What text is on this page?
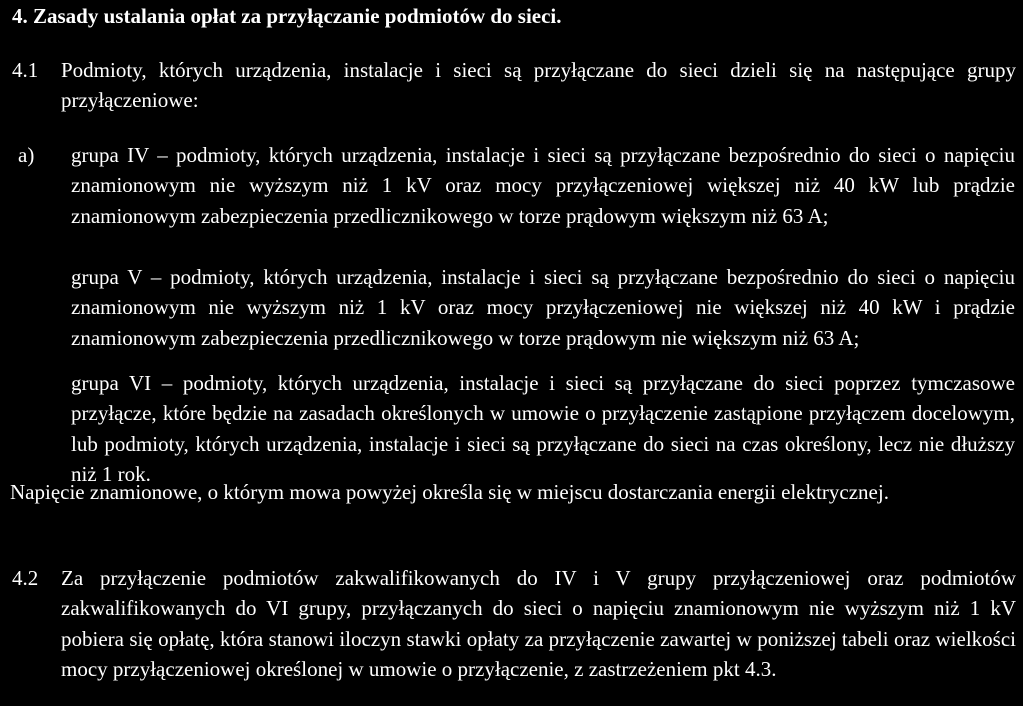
4. Zasady ustalania opłat za przyłączanie podmiotów do sieci.
4.1 Podmioty, których urządzenia, instalacje i sieci są przyłączane do sieci dzieli się na następujące grupy przyłączeniowe:

a) grupa IV – podmioty, których urządzenia, instalacje i sieci są przyłączane bezpośrednio do sieci o napięciu znamionowym nie wyższym niż 1 kV oraz mocy przyłączeniowej większej niż 40 kW lub prądzie znamionowym zabezpieczenia przedlicznikowego w torze prądowym większym niż 63 A;

grupa V – podmioty, których urządzenia, instalacje i sieci są przyłączane bezpośrednio do sieci o napięciu znamionowym nie wyższym niż 1 kV oraz mocy przyłączeniowej nie większej niż 40 kW i prądzie znamionowym zabezpieczenia przedlicznikowego w torze prądowym nie większym niż 63 A;

grupa VI – podmioty, których urządzenia, instalacje i sieci są przyłączane do sieci poprzez tymczasowe przyłącze, które będzie na zasadach określonych w umowie o przyłączenie zastąpione przyłączem docelowym, lub podmioty, których urządzenia, instalacje i sieci są przyłączane do sieci na czas określony, lecz nie dłuższy niż 1 rok.

Napięcie znamionowe, o którym mowa powyżej określa się w miejscu dostarczania energii elektrycznej.

4.2 Za przyłączenie podmiotów zakwalifikowanych do IV i V grupy przyłączeniowej oraz podmiotów zakwalifikowanych do VI grupy, przyłączanych do sieci o napięciu znamionowym nie wyższym niż 1 kV pobiera się opłatę, która stanowi iloczyn stawki opłaty za przyłączenie zawartej w poniższej tabeli oraz wielkości mocy przyłączeniowej określonej w umowie o przyłączenie, z zastrzeżeniem pkt 4.3.
